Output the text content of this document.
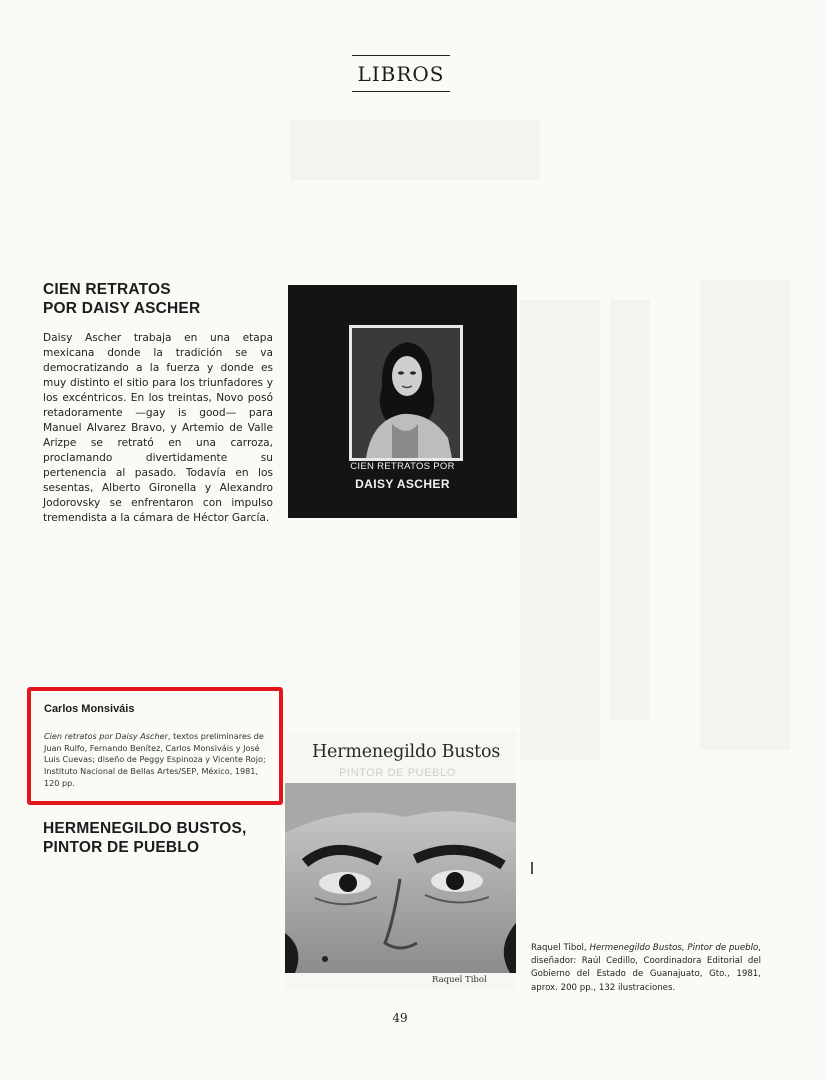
LIBROS
CIEN RETRATOS
POR DAISY ASCHER
Daisy Ascher trabaja en una etapa mexicana donde la tradición se va democratizando a la fuerza y donde es muy distinto el sitio para los triunfadores y los excéntricos. En los treintas, Novo posó retadoramente —gay is good— para Manuel Alvarez Bravo, y Artemio de Valle Arizpe se retrató en una carroza, proclamando divertidamente su pertenencia al pasado. Todavía en los sesentas, Alberto Gironella y Alexandro Jodorovsky se enfrentaron con impulso tremendista a la cámara de Héctor García.
CIEN RETRATOS POR
DAISY ASCHER
Carlos Monsiváis
Cien retratos por Daisy Ascher, textos preliminares de Juan Rulfo, Fernando Benítez, Carlos Monsiváis y José Luis Cuevas; diseño de Peggy Espinoza y Vicente Rojo; Instituto Nacional de Bellas Artes/SEP, México, 1981, 120 pp.
HERMENEGILDO BUSTOS,
PINTOR DE PUEBLO
Hermenegildo Bustos
PINTOR DE PUEBLO
Raquel Tibol
Raquel Tibol, Hermenegildo Bustos, Pintor de pueblo, diseñador: Raúl Cedillo, Coordinadora Editorial del Gobierno del Estado de Guanajuato, Gto., 1981, aprox. 200 pp., 132 ilustraciones.
49
